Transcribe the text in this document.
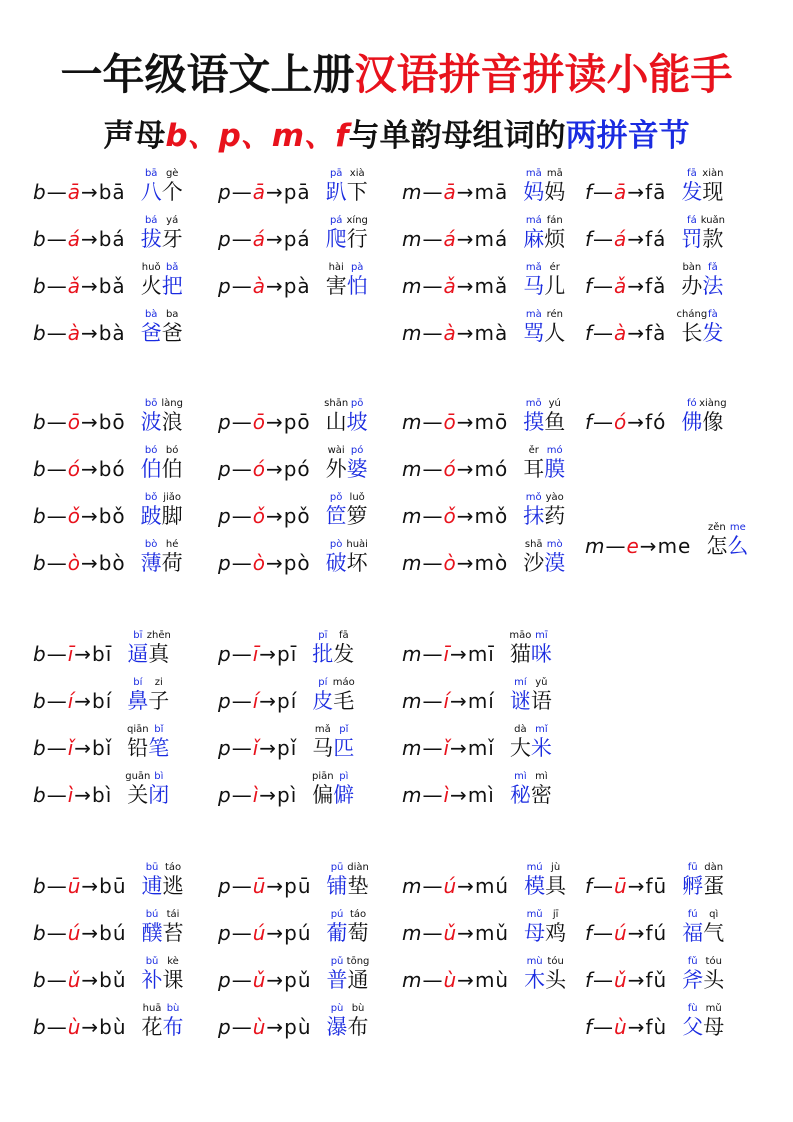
一年级语文上册汉语拼音拼读小能手
声母b、p、m、f与单韵母组词的两拼音节
b—ā→bā
bā
八
gè
个
b—á→bá
bá
拔
yá
牙
b—ǎ→bǎ
huǒ
火
bǎ
把
b—à→bà
bà
爸
ba
爸
p—ā→pā
pā
趴
xià
下
p—á→pá
pá
爬
xíng
行
p—à→pà
hài
害
pà
怕
m—ā→mā
mā
妈
mā
妈
m—á→má
má
麻
fán
烦
m—ǎ→mǎ
mǎ
马
ér
儿
m—à→mà
mà
骂
rén
人
f—ā→fā
fā
发
xiàn
现
f—á→fá
fá
罚
kuǎn
款
f—ǎ→fǎ
bàn
办
fǎ
法
f—à→fà
cháng
长
fà
发
b—ō→bō
bō
波
làng
浪
b—ó→bó
bó
伯
bó
伯
b—ǒ→bǒ
bǒ
跛
jiǎo
脚
b—ò→bò
bò
薄
hé
荷
p—ō→pō
shān
山
pō
坡
p—ó→pó
wài
外
pó
婆
p—ǒ→pǒ
pǒ
笸
luǒ
箩
p—ò→pò
pò
破
huài
坏
m—ō→mō
mō
摸
yú
鱼
m—ó→mó
ěr
耳
mó
膜
m—ǒ→mǒ
mǒ
抹
yào
药
m—ò→mò
shā
沙
mò
漠
f—ó→fó
fó
佛
xiàng
像
m—e→me
zěn
怎
me
么
b—ī→bī
bī
逼
zhēn
真
b—í→bí
bí
鼻
zi
子
b—ǐ→bǐ
qiān
铅
bǐ
笔
b—ì→bì
guān
关
bì
闭
p—ī→pī
pī
批
fā
发
p—í→pí
pí
皮
máo
毛
p—ǐ→pǐ
mǎ
马
pǐ
匹
p—ì→pì
piān
偏
pì
僻
m—ī→mī
māo
猫
mī
咪
m—í→mí
mí
谜
yǔ
语
m—ǐ→mǐ
dà
大
mǐ
米
m—ì→mì
mì
秘
mì
密
b—ū→bū
bū
逋
táo
逃
b—ú→bú
bú
醭
tái
苔
b—ǔ→bǔ
bǔ
补
kè
课
b—ù→bù
huā
花
bù
布
p—ū→pū
pū
铺
diàn
垫
p—ú→pú
pú
葡
táo
萄
p—ǔ→pǔ
pǔ
普
tōng
通
p—ù→pù
pù
瀑
bù
布
m—ú→mú
mú
模
jù
具
m—ǔ→mǔ
mǔ
母
jī
鸡
m—ù→mù
mù
木
tóu
头
f—ū→fū
fū
孵
dàn
蛋
f—ú→fú
fú
福
qì
气
f—ǔ→fǔ
fǔ
斧
tóu
头
f—ù→fù
fù
父
mǔ
母
